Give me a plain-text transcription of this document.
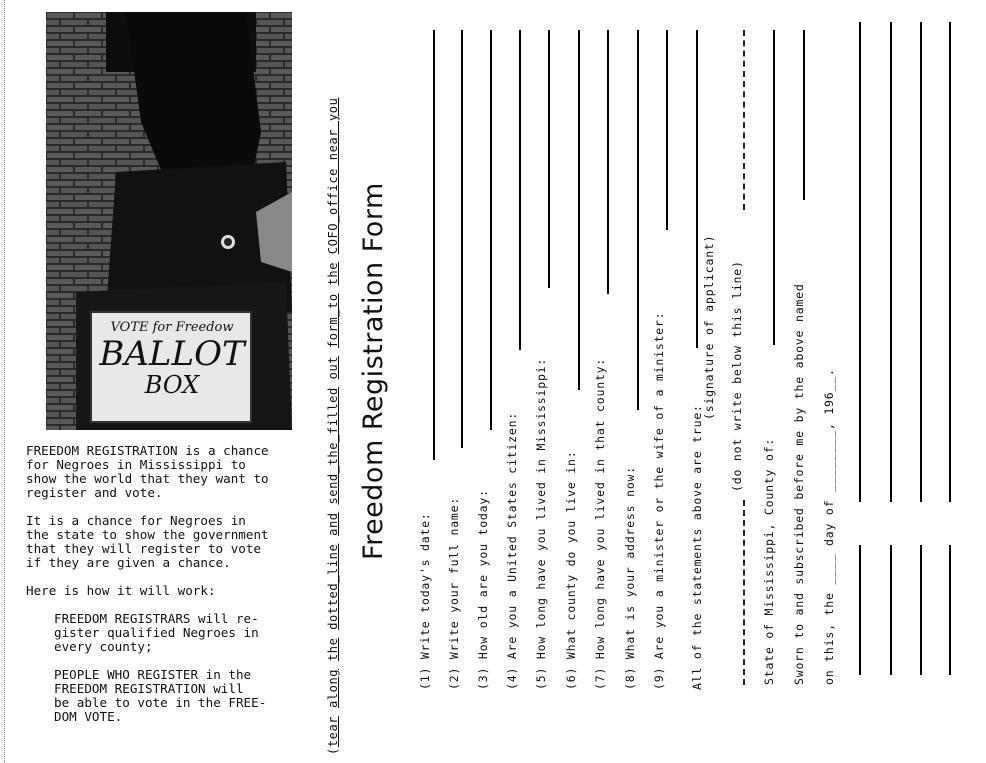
VOTE for Freedow
BALLOT
BOX

FREEDOM REGISTRATION is a chance
for Negroes in Mississippi to
show the world that they want to
register and vote.

It is a chance for Negroes in
the state to show the government
that they will register to vote
if they are given a chance.

Here is how it will work:

FREEDOM REGISTRARS will re-
gister qualified Negroes in
every county;

PEOPLE WHO REGISTER in the
FREEDOM REGISTRATION will
be able to vote in the FREE-
DOM VOTE.

(tear along the dotted_line and send_the_filled out form_to the COFO_office near you
Freedom Registration Form
(1) Write today's date:
(2) Write your full name:
(3) How old are you today:
(4) Are you a United States citizen:
(5) How long have you lived in Mississippi:
(6) What county do you live in:
(7) How long have you lived in that county:
(8) What is your address now:
(9) Are you a minister or the wife of a minister: All of the statements above are true:
(signature of applicant) (do not write below this line)
State of Mississippi, County of: Sworn to and subscribed before me by the above named on this, the ____ day of ________, 196__.
